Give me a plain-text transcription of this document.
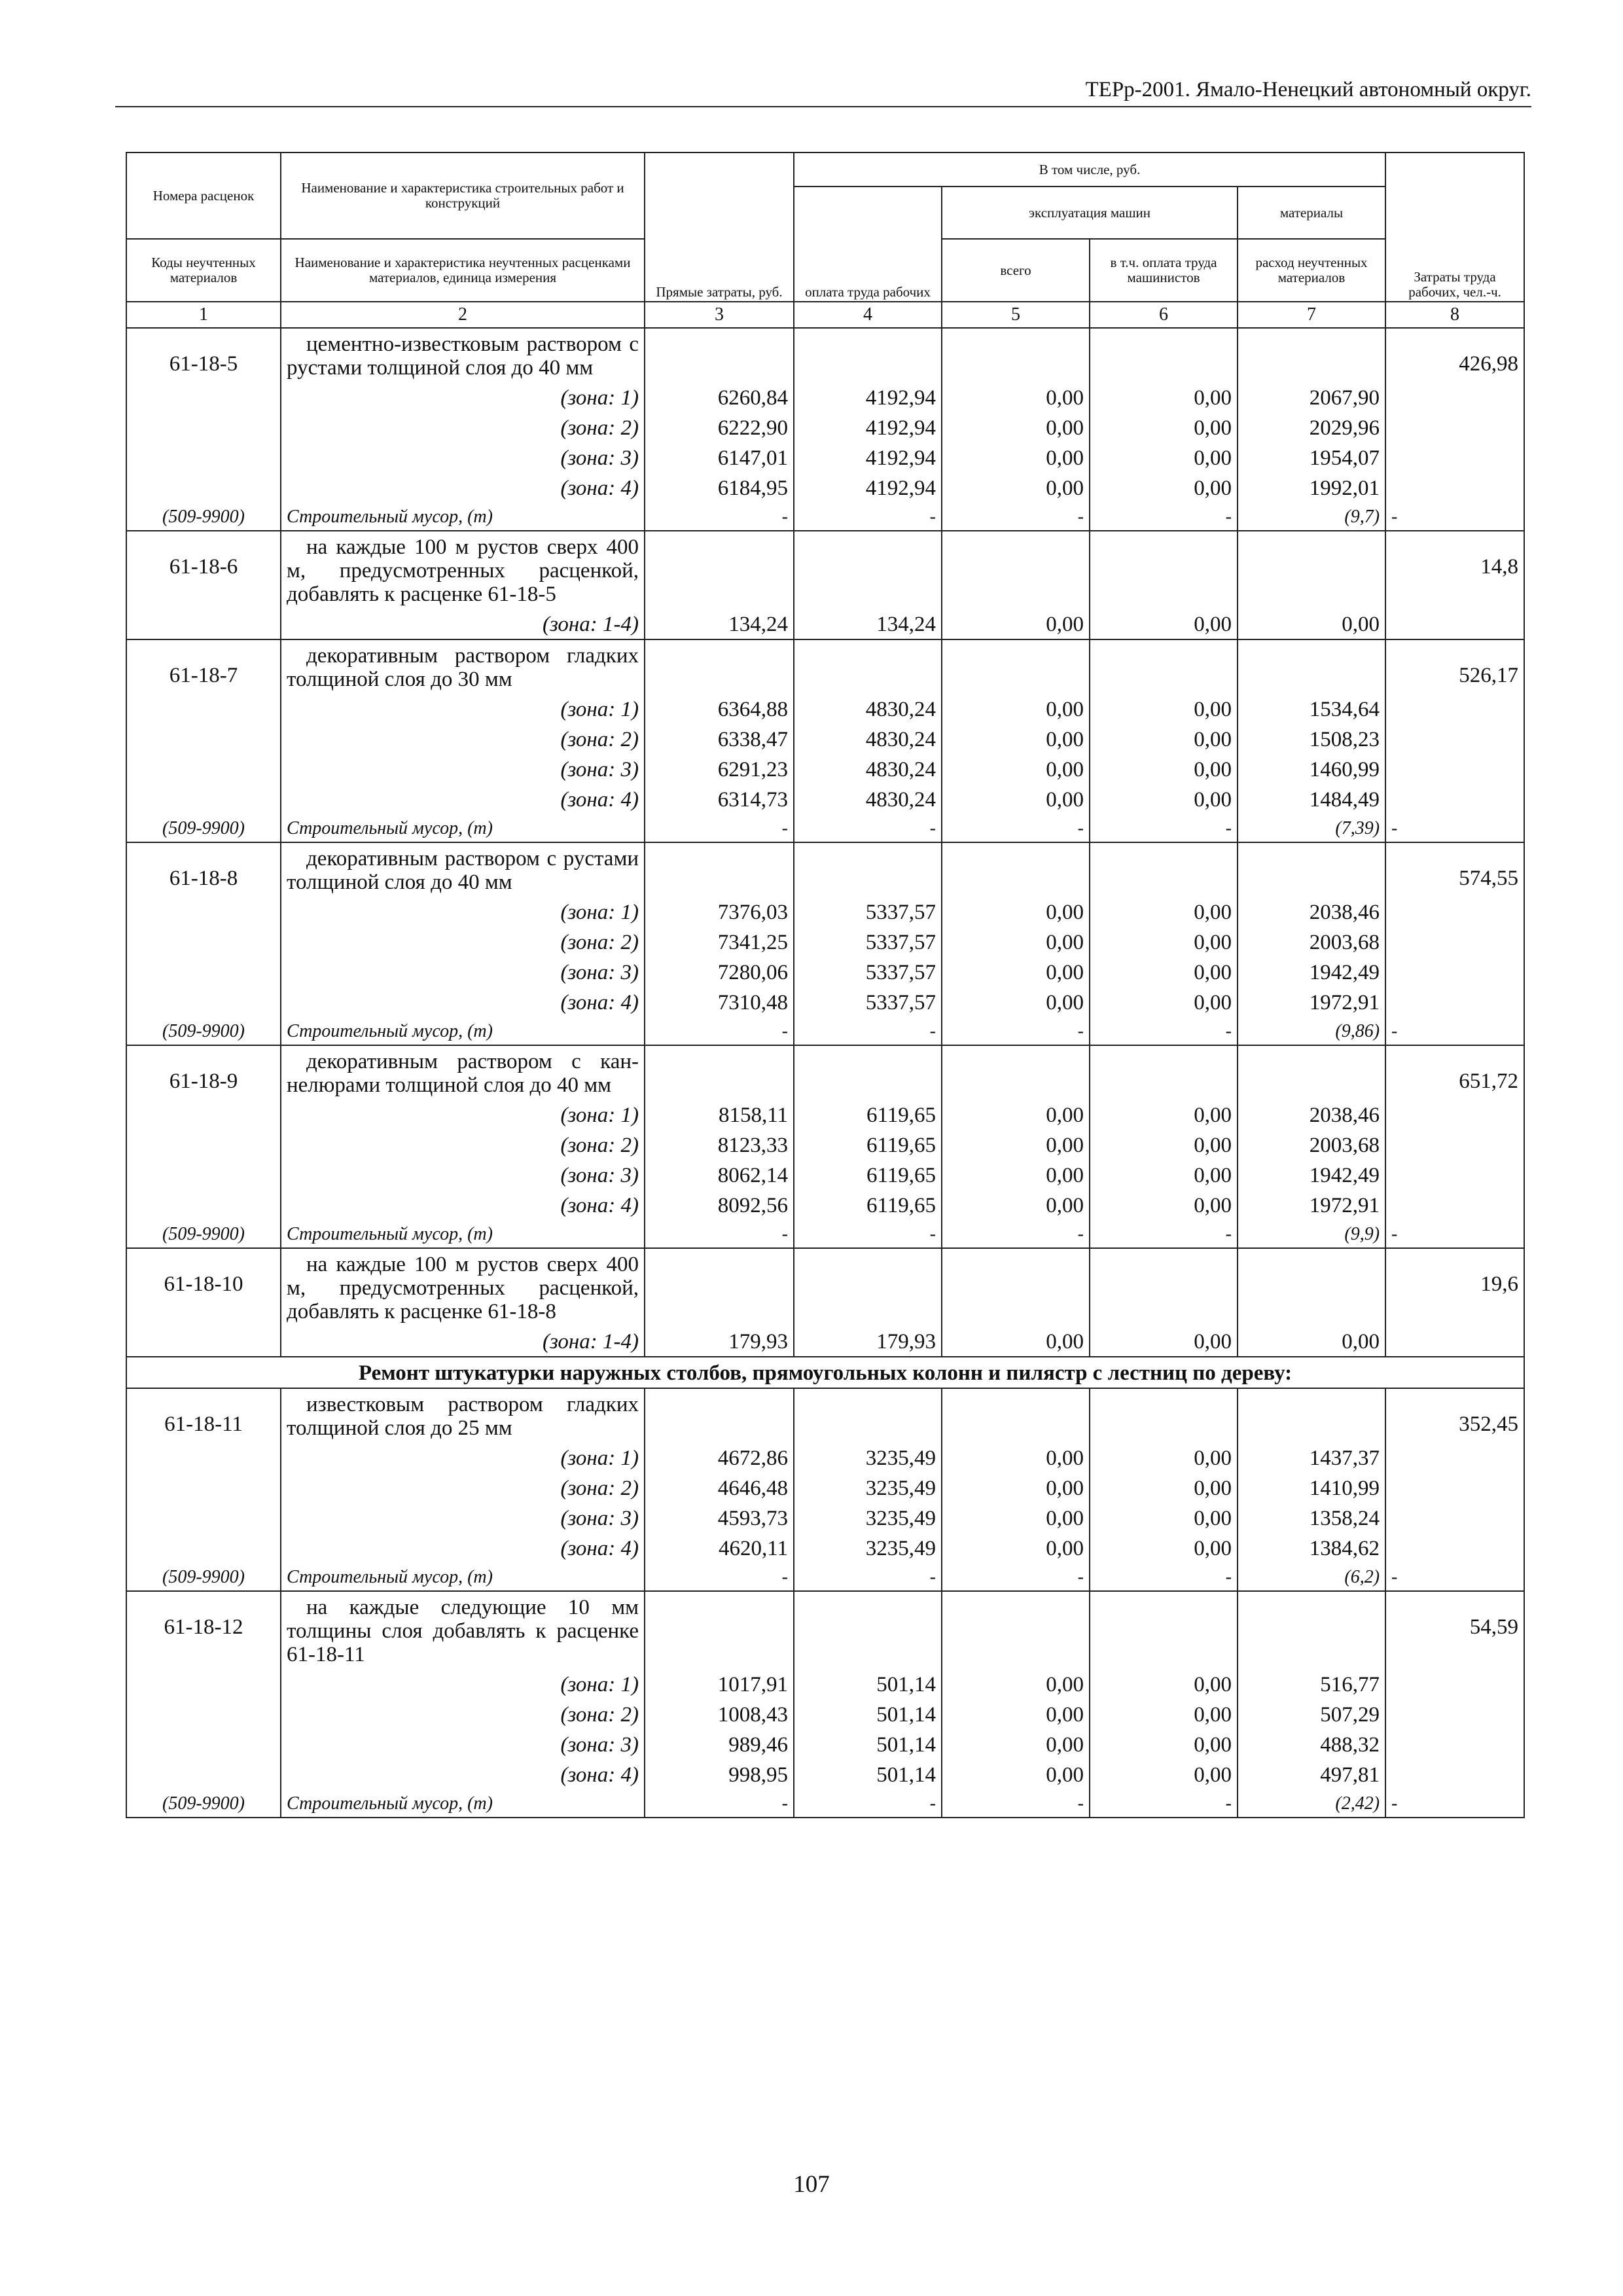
ТЕРр-2001. Ямало-Ненецкий автономный округ.
Номера расценок	Наименование и характеристика строительных работ и конструкций	Прямые затраты, руб.	В том числе, руб.				Затраты труда рабочих, чел.-ч.
			оплата труда рабочих	эксплуатация машин		материалы	
Коды неучтенных материалов	Наименование и характеристика неучтенных расценками материалов, единица измерения			всего	в т.ч. оплата труда машинистов	расход неучтенных материалов	
1	2	3	4	5	6	7	8
61-18-5	цементно-известковым раствором с рустами толщиной слоя до 40 мм						426,98
	(зона: 1)	6260,84	4192,94	0,00	0,00	2067,90	
	(зона: 2)	6222,90	4192,94	0,00	0,00	2029,96	
	(зона: 3)	6147,01	4192,94	0,00	0,00	1954,07	
	(зона: 4)	6184,95	4192,94	0,00	0,00	1992,01	
(509-9900)	Строительный мусор, (т)	-	-	-	-	(9,7)	-
61-18-6	на каждые 100 м рустов сверх 400 м, предусмотренных расценкой, добавлять к расценке 61-18-5						14,8
	(зона: 1-4)	134,24	134,24	0,00	0,00	0,00	
61-18-7	декоративным раствором гладких толщиной слоя до 30 мм						526,17
	(зона: 1)	6364,88	4830,24	0,00	0,00	1534,64	
	(зона: 2)	6338,47	4830,24	0,00	0,00	1508,23	
	(зона: 3)	6291,23	4830,24	0,00	0,00	1460,99	
	(зона: 4)	6314,73	4830,24	0,00	0,00	1484,49	
(509-9900)	Строительный мусор, (т)	-	-	-	-	(7,39)	-
61-18-8	декоративным раствором с рустами толщиной слоя до 40 мм						574,55
	(зона: 1)	7376,03	5337,57	0,00	0,00	2038,46	
	(зона: 2)	7341,25	5337,57	0,00	0,00	2003,68	
	(зона: 3)	7280,06	5337,57	0,00	0,00	1942,49	
	(зона: 4)	7310,48	5337,57	0,00	0,00	1972,91	
(509-9900)	Строительный мусор, (т)	-	-	-	-	(9,86)	-
61-18-9	декоративным раствором с каннелюрами толщиной слоя до 40 мм						651,72
	(зона: 1)	8158,11	6119,65	0,00	0,00	2038,46	
	(зона: 2)	8123,33	6119,65	0,00	0,00	2003,68	
	(зона: 3)	8062,14	6119,65	0,00	0,00	1942,49	
	(зона: 4)	8092,56	6119,65	0,00	0,00	1972,91	
(509-9900)	Строительный мусор, (т)	-	-	-	-	(9,9)	-
61-18-10	на каждые 100 м рустов сверх 400 м, предусмотренных расценкой, добавлять к расценке 61-18-8						19,6
	(зона: 1-4)	179,93	179,93	0,00	0,00	0,00	
Ремонт штукатурки наружных столбов, прямоугольных колонн и пилястр с лестниц по дереву:							
61-18-11	известковым раствором гладких толщиной слоя до 25 мм						352,45
	(зона: 1)	4672,86	3235,49	0,00	0,00	1437,37	
	(зона: 2)	4646,48	3235,49	0,00	0,00	1410,99	
	(зона: 3)	4593,73	3235,49	0,00	0,00	1358,24	
	(зона: 4)	4620,11	3235,49	0,00	0,00	1384,62	
(509-9900)	Строительный мусор, (т)	-	-	-	-	(6,2)	-
61-18-12	на каждые следующие 10 мм толщины слоя добавлять к расценке 61-18-11						54,59
	(зона: 1)	1017,91	501,14	0,00	0,00	516,77	
	(зона: 2)	1008,43	501,14	0,00	0,00	507,29	
	(зона: 3)	989,46	501,14	0,00	0,00	488,32	
	(зона: 4)	998,95	501,14	0,00	0,00	497,81	
(509-9900)	Строительный мусор, (т)	-	-	-	-	(2,42)	-
107
